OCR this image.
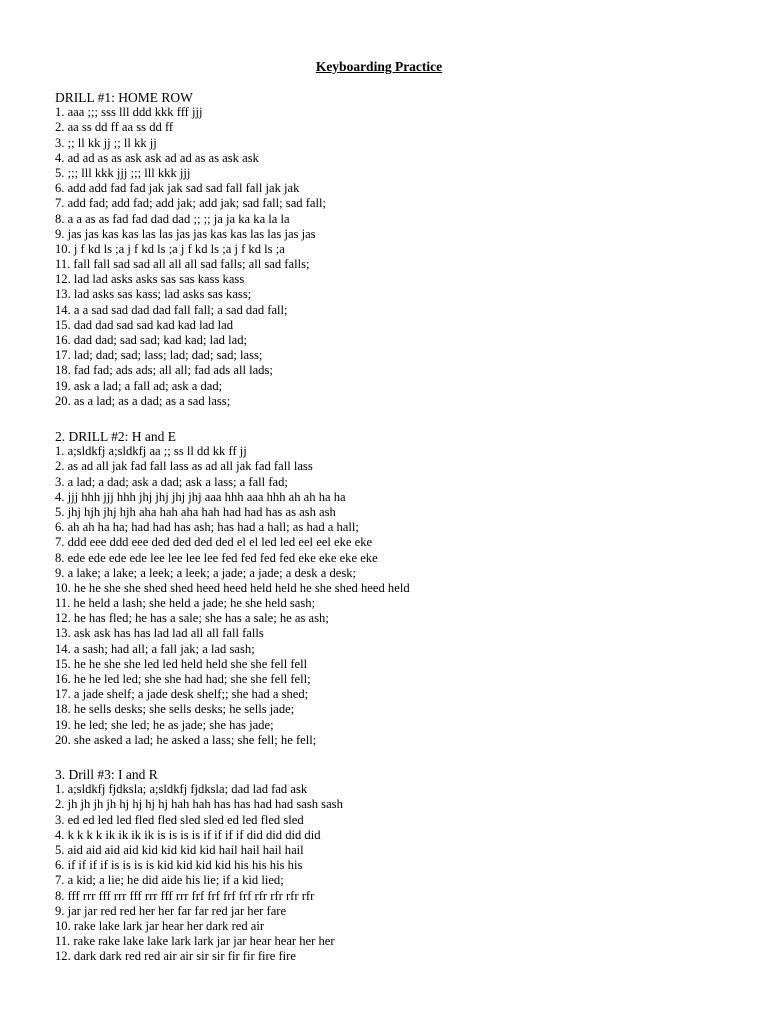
Keyboarding Practice
DRILL #1: HOME ROW
1. aaa ;;; sss lll ddd kkk fff jjj
2. aa ss dd ff aa ss dd ff
3. ;; ll kk jj ;; ll kk jj
4. ad ad as as ask ask ad ad as as ask ask
5. ;;; lll kkk jjj ;;; lll kkk jjj
6. add add fad fad jak jak sad sad fall fall jak jak
7. add fad; add fad; add jak; add jak; sad fall; sad fall;
8. a a as as fad fad dad dad ;; ;; ja ja ka ka la la
9. jas jas kas kas las las jas jas kas kas las las jas jas
10. j f kd ls ;a j f kd ls ;a j f kd ls ;a j f kd ls ;a
11. fall fall sad sad all all all sad falls; all sad falls;
12. lad lad asks asks sas sas kass kass
13. lad asks sas kass; lad asks sas kass;
14. a a sad sad dad dad fall fall; a sad dad fall;
15. dad dad sad sad kad kad lad lad
16. dad dad; sad sad; kad kad; lad lad;
17. lad; dad; sad; lass; lad; dad; sad; lass;
18. fad fad; ads ads; all all; fad ads all lads;
19. ask a lad; a fall ad; ask a dad;
20. as a lad; as a dad; as a sad lass;
2. DRILL #2: H and E
1. a;sldkfj a;sldkfj aa ;; ss ll dd kk ff jj
2. as ad all jak fad fall lass as ad all jak fad fall lass
3. a lad; a dad; ask a dad; ask a lass; a fall fad;
4. jjj hhh jjj hhh jhj jhj jhj jhj aaa hhh aaa hhh ah ah ha ha
5. jhj hjh jhj hjh aha hah aha hah had had has as ash ash
6. ah ah ha ha; had had has ash; has had a hall; as had a hall;
7. ddd eee ddd eee ded ded ded ded el el led led eel eel eke eke
8. ede ede ede ede lee lee lee lee fed fed fed fed eke eke eke eke
9. a lake; a lake; a leek; a leek; a jade; a jade; a desk a desk;
10. he he she she shed shed heed heed held held he she shed heed held
11. he held a lash; she held a jade; he she held sash;
12. he has fled; he has a sale; she has a sale; he as ash;
13. ask ask has has lad lad all all fall falls
14. a sash; had all; a fall jak; a lad sash;
15. he he she she led led held held she she fell fell
16. he he led led; she she had had; she she fell fell;
17. a jade shelf; a jade desk shelf;; she had a shed;
18. he sells desks; she sells desks; he sells jade;
19. he led; she led; he as jade; she has jade;
20. she asked a lad; he asked a lass; she fell; he fell;
3. Drill #3: I and R
1. a;sldkfj fjdksla; a;sldkfj fjdksla; dad lad fad ask
2. jh jh jh jh hj hj hj hj hah hah has has had had sash sash
3. ed ed led led fled fled sled sled ed led fled sled
4. k k k k ik ik ik ik is is is is if if if if did did did did
5. aid aid aid aid kid kid kid kid hail hail hail hail
6. if if if if is is is is kid kid kid kid his his his his
7. a kid; a lie; he did aide his lie; if a kid lied;
8. fff rrr fff rrr fff rrr fff rrr frf frf frf frf rfr rfr rfr rfr
9. jar jar red red her her far far red jar her fare
10. rake lake lark jar hear her dark red air
11. rake rake lake lake lark lark jar jar hear hear her her
12. dark dark red red air air sir sir fir fir fire fire
